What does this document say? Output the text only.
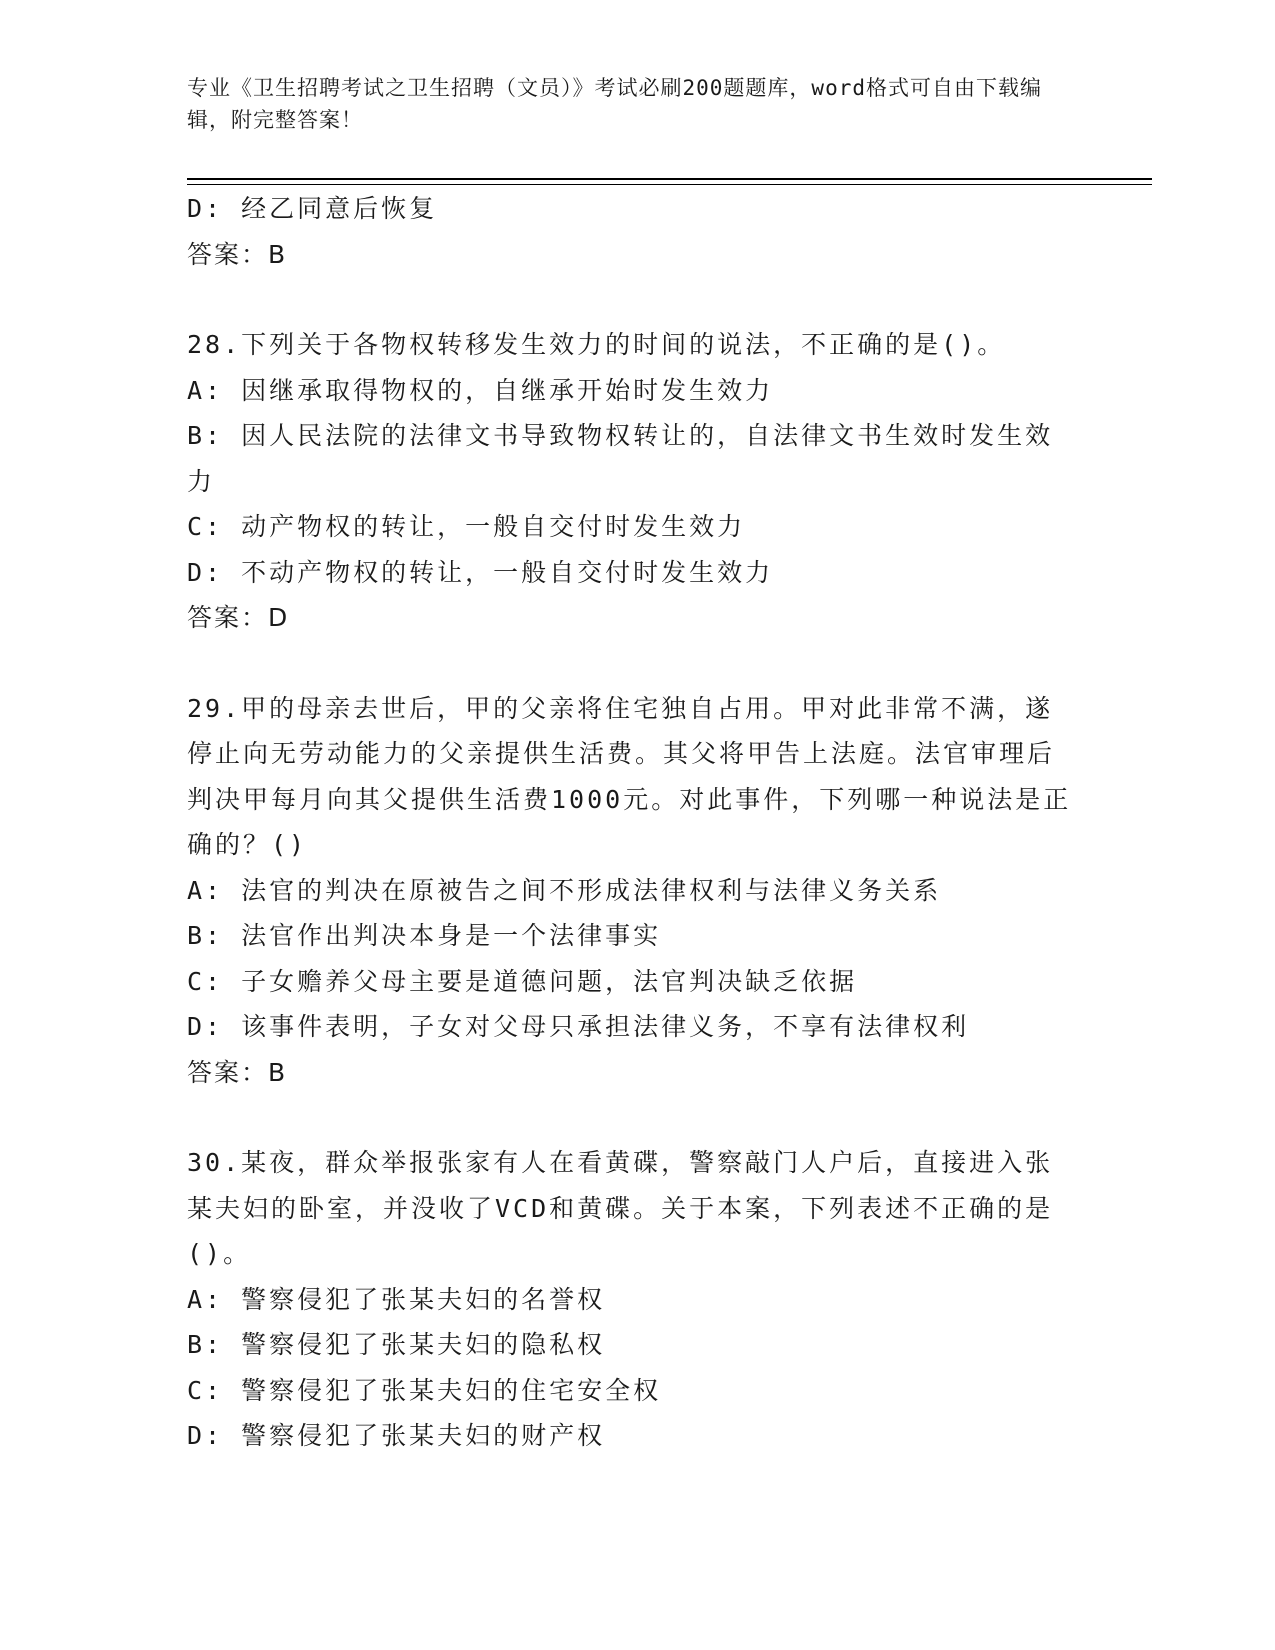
专业《卫生招聘考试之卫生招聘（文员）》考试必刷200题题库，word格式可自由下载编辑，附完整答案！

D: 经乙同意后恢复

答案：B

28.下列关于各物权转移发生效力的时间的说法，不正确的是()。

A: 因继承取得物权的，自继承开始时发生效力

B: 因人民法院的法律文书导致物权转让的，自法律文书生效时发生效力

C: 动产物权的转让，一般自交付时发生效力

D: 不动产物权的转让，一般自交付时发生效力

答案：D

29.甲的母亲去世后，甲的父亲将住宅独自占用。甲对此非常不满，遂停止向无劳动能力的父亲提供生活费。其父将甲告上法庭。法官审理后判决甲每月向其父提供生活费1000元。对此事件，下列哪一种说法是正确的？()

A: 法官的判决在原被告之间不形成法律权利与法律义务关系

B: 法官作出判决本身是一个法律事实

C: 子女赡养父母主要是道德问题，法官判决缺乏依据

D: 该事件表明，子女对父母只承担法律义务，不享有法律权利

答案：B

30.某夜，群众举报张家有人在看黄碟，警察敲门人户后，直接进入张某夫妇的卧室，并没收了VCD和黄碟。关于本案，下列表述不正确的是()。

A: 警察侵犯了张某夫妇的名誉权

B: 警察侵犯了张某夫妇的隐私权

C: 警察侵犯了张某夫妇的住宅安全权

D: 警察侵犯了张某夫妇的财产权
